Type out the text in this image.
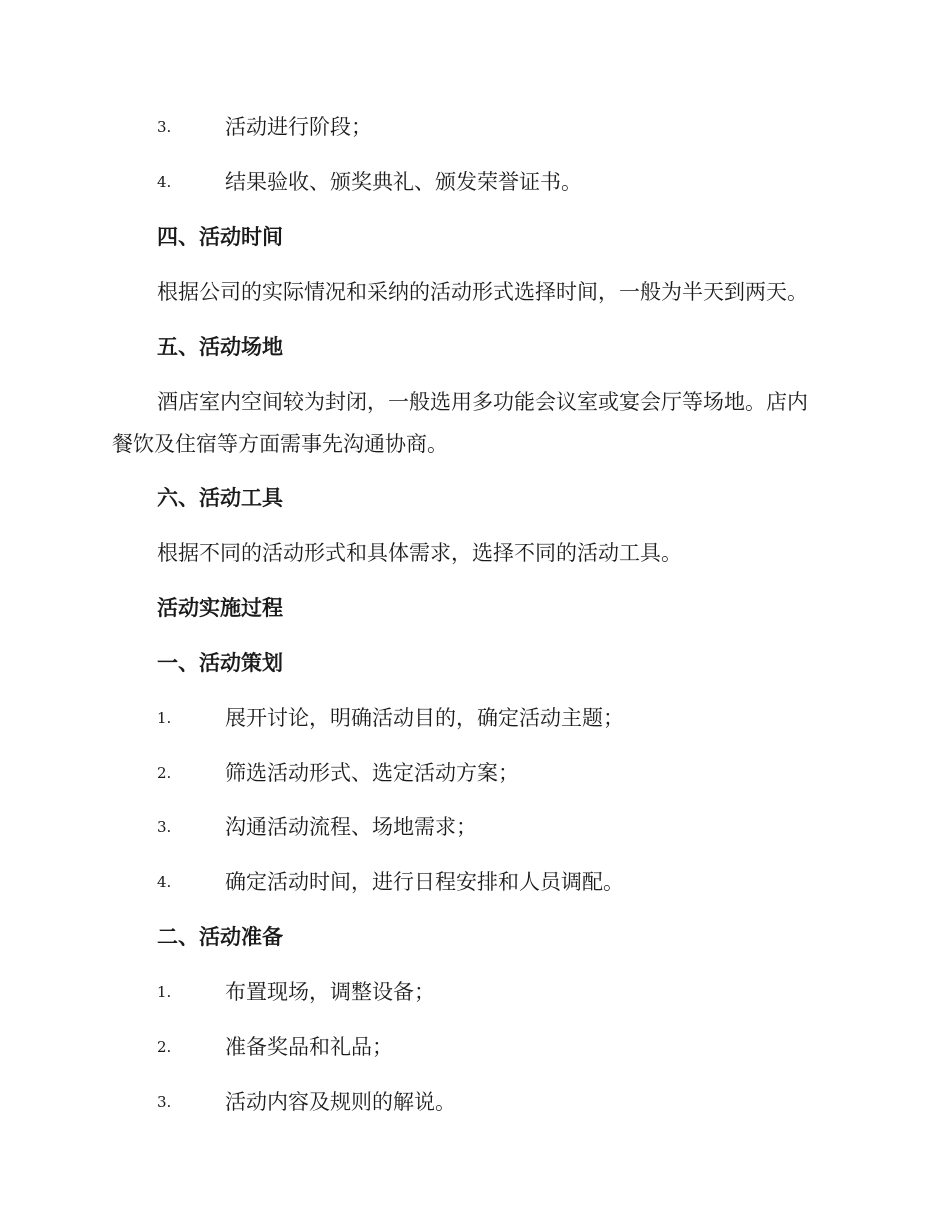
3.	活动进行阶段；
4.	结果验收、颁奖典礼、颁发荣誉证书。
四、活动时间
根据公司的实际情况和采纳的活动形式选择时间，一般为半天到两天。
五、活动场地
酒店室内空间较为封闭，一般选用多功能会议室或宴会厅等场地。店内
餐饮及住宿等方面需事先沟通协商。
六、活动工具
根据不同的活动形式和具体需求，选择不同的活动工具。
活动实施过程
一、活动策划
1.	展开讨论，明确活动目的，确定活动主题；
2.	筛选活动形式、选定活动方案；
3.	沟通活动流程、场地需求；
4.	确定活动时间，进行日程安排和人员调配。
二、活动准备
1.	布置现场，调整设备；
2.	准备奖品和礼品；
3.	活动内容及规则的解说。
